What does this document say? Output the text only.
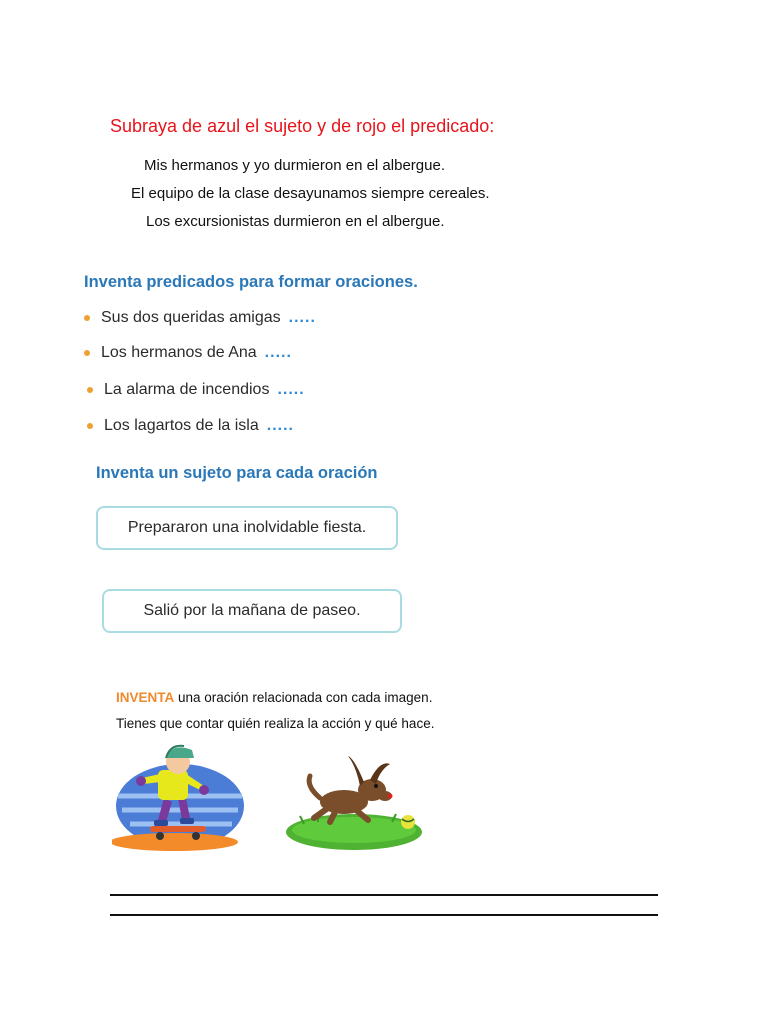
Subraya de azul el sujeto y de rojo el predicado:
Mis hermanos y yo durmieron en el albergue.
El equipo de la clase desayunamos siempre cereales.
Los excursionistas durmieron en el albergue.
Inventa predicados para formar oraciones.
Sus dos queridas amigas .....
Los hermanos de Ana .....
La alarma de incendios .....
Los lagartos de la isla .....
Inventa un sujeto para cada oración
Prepararon una inolvidable fiesta.
Salió por la mañana de paseo.
INVENTA una oración relacionada con cada imagen.
Tienes que contar quién realiza la acción y qué hace.
